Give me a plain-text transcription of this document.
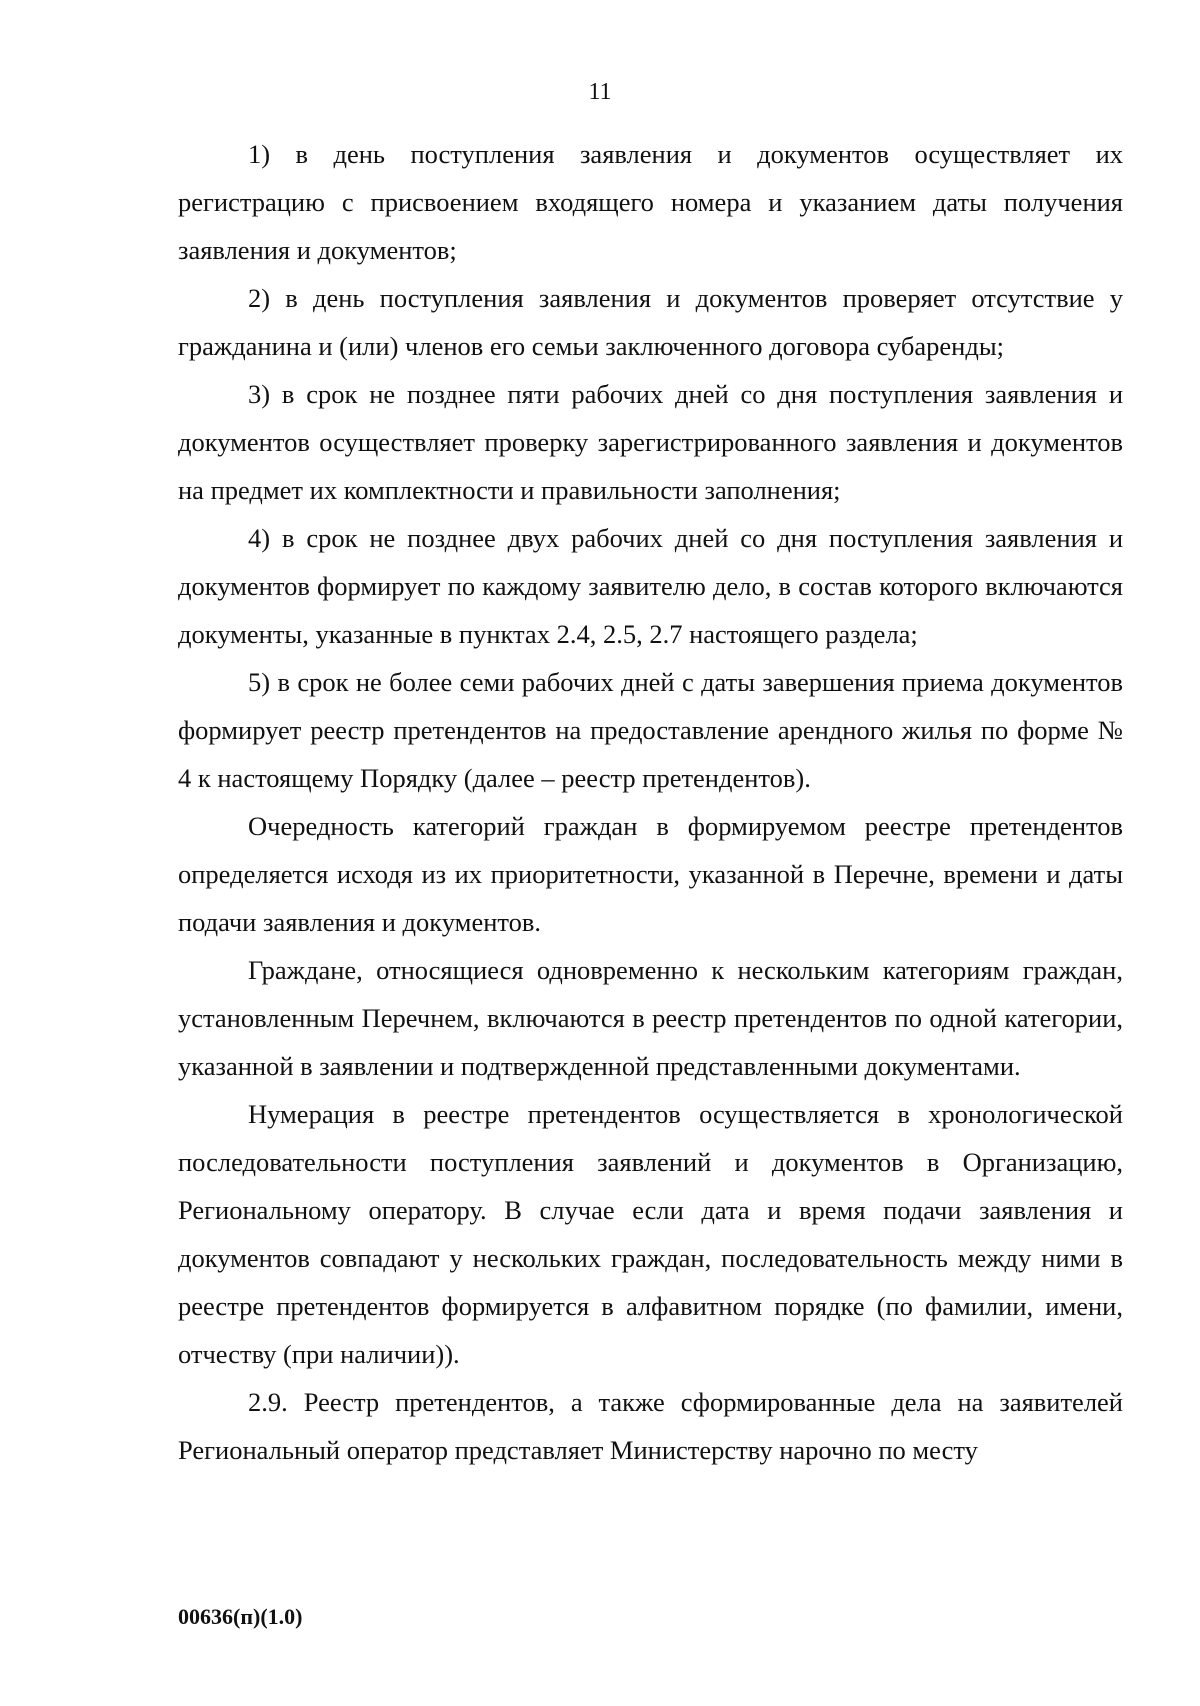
11

1) в день поступления заявления и документов осуществляет их регистрацию с присвоением входящего номера и указанием даты получения заявления и документов;

2) в день поступления заявления и документов проверяет отсутствие у гражданина и (или) членов его семьи заключенного договора субаренды;

3) в срок не позднее пяти рабочих дней со дня поступления заявления и документов осуществляет проверку зарегистрированного заявления и документов на предмет их комплектности и правильности заполнения;

4) в срок не позднее двух рабочих дней со дня поступления заявления и документов формирует по каждому заявителю дело, в состав которого включаются документы, указанные в пунктах 2.4, 2.5, 2.7 настоящего раздела;

5) в срок не более семи рабочих дней с даты завершения приема документов формирует реестр претендентов на предоставление арендного жилья по форме № 4 к настоящему Порядку (далее – реестр претендентов).

Очередность категорий граждан в формируемом реестре претендентов определяется исходя из их приоритетности, указанной в Перечне, времени и даты подачи заявления и документов.

Граждане, относящиеся одновременно к нескольким категориям граждан, установленным Перечнем, включаются в реестр претендентов по одной категории, указанной в заявлении и подтвержденной представленными документами.

Нумерация в реестре претендентов осуществляется в хронологической последовательности поступления заявлений и документов в Организацию, Региональному оператору. В случае если дата и время подачи заявления и документов совпадают у нескольких граждан, последовательность между ними в реестре претендентов формируется в алфавитном порядке (по фамилии, имени, отчеству (при наличии)).

2.9. Реестр претендентов, а также сформированные дела на заявителей Региональный оператор представляет Министерству нарочно по месту

00636(п)(1.0)
